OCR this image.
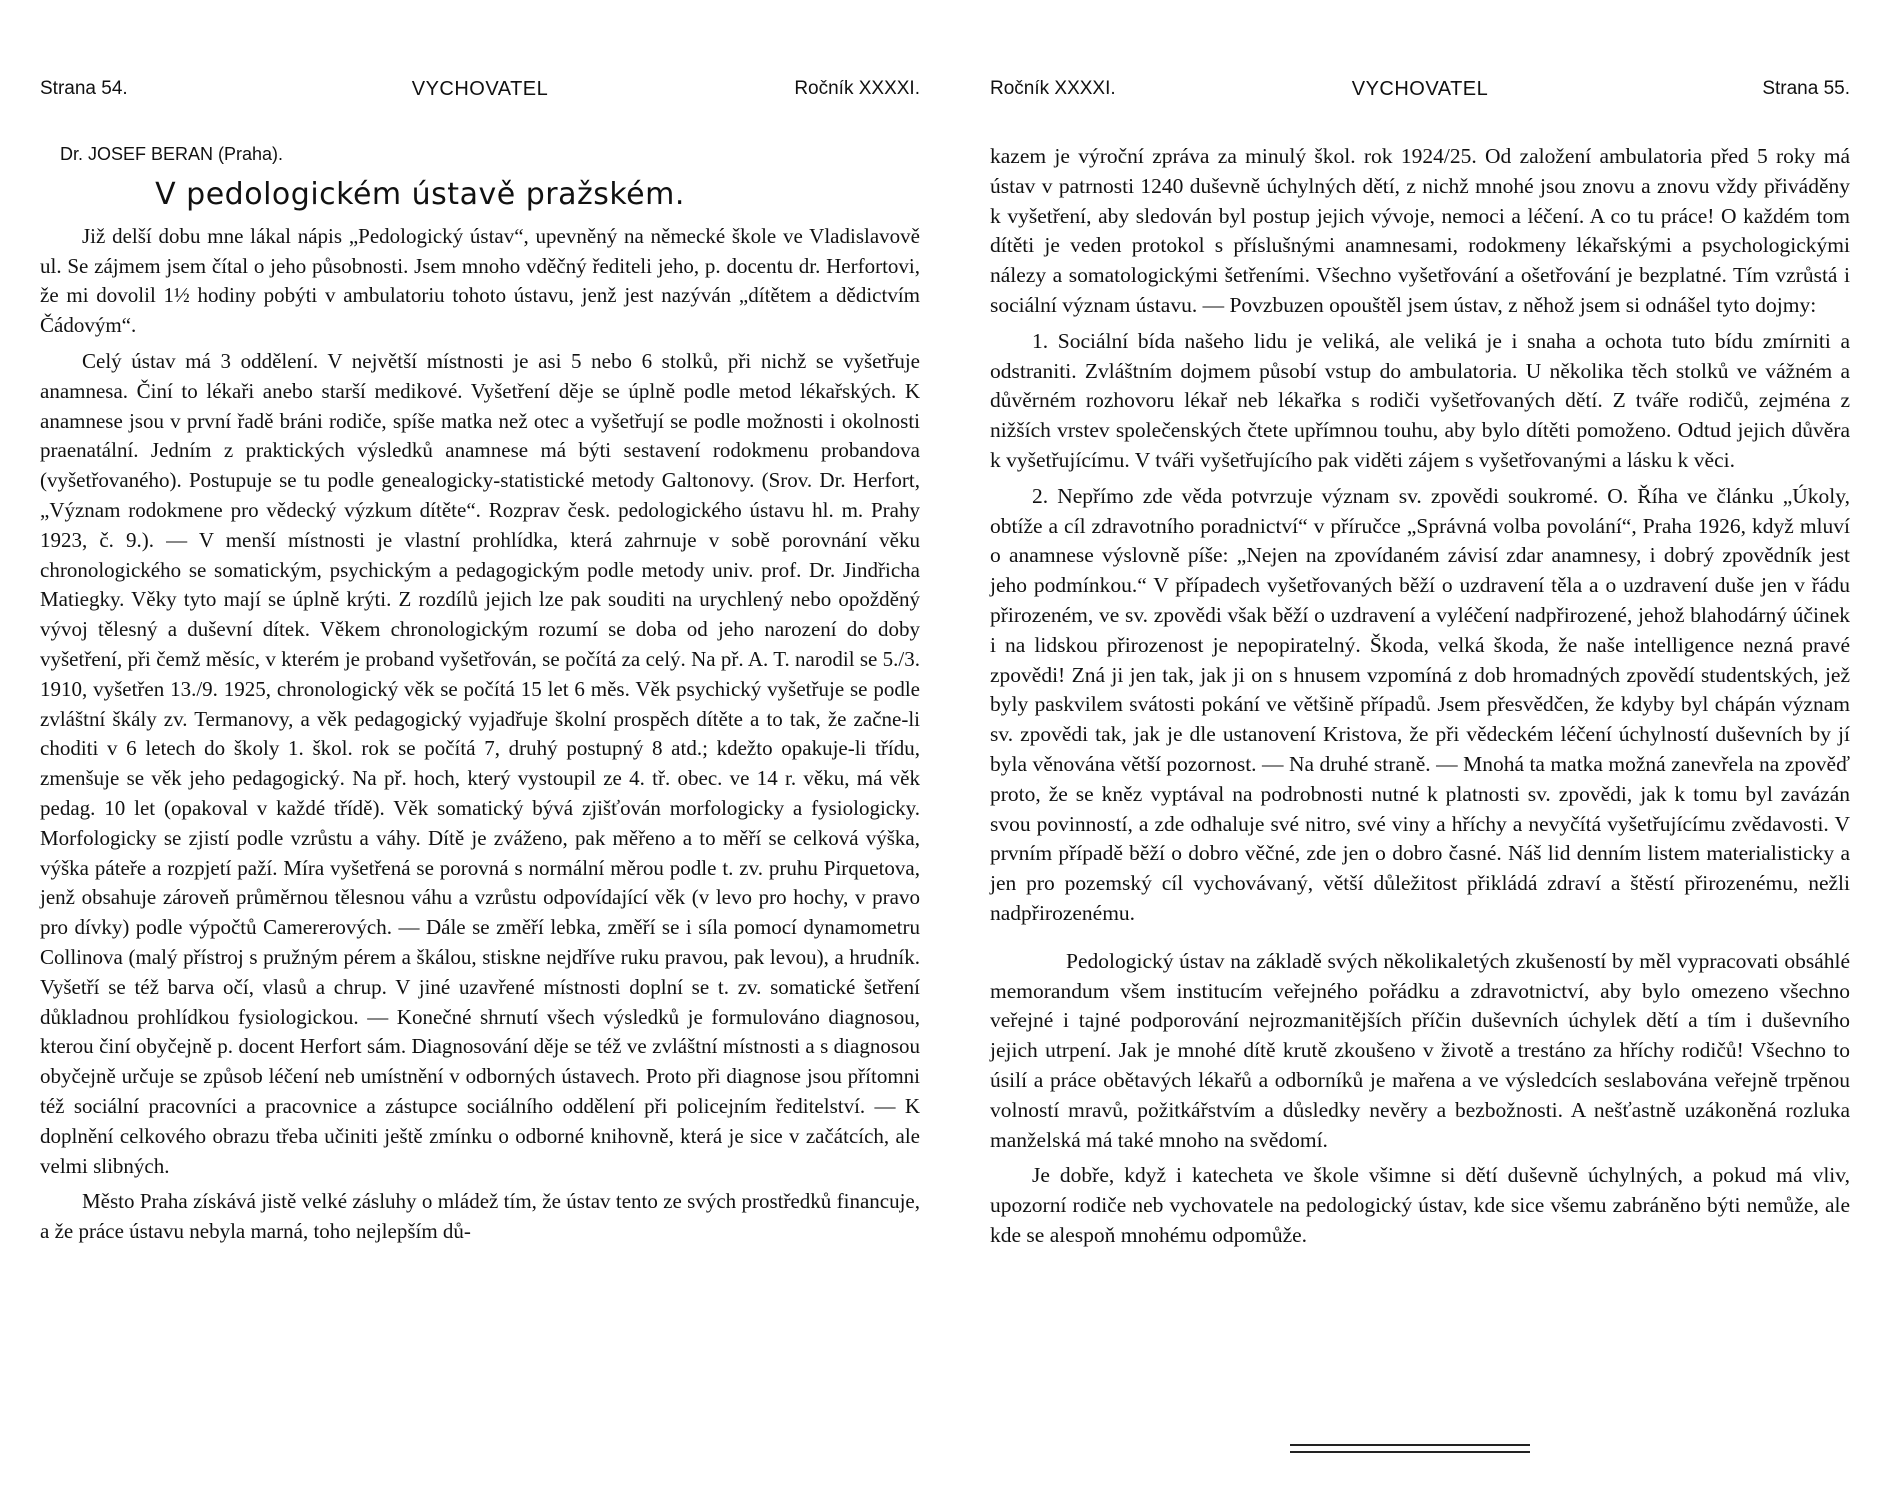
Strana 54.	VYCHOVATEL	Ročník XXXXI.

Dr. JOSEF BERAN (Praha).

V pedologickém ústavě pražském.

Již delší dobu mne lákal nápis „Pedologický ústav“, upevněný na německé škole ve Vladislavově ul. Se zájmem jsem čítal o jeho působnosti. Jsem mnoho vděčný řediteli jeho, p. docentu dr. Herfortovi, že mi dovolil 1½ hodiny pobýti v ambulatoriu tohoto ústavu, jenž jest nazýván „dítětem a dědictvím Čádovým“.

Celý ústav má 3 oddělení. V největší místnosti je asi 5 nebo 6 stolků, při nichž se vyšetřuje anamnesa. Činí to lékaři anebo starší medikové. Vyšetření děje se úplně podle metod lékařských. K anamnese jsou v první řadě bráni rodiče, spíše matka než otec a vyšetřují se podle možnosti i okolnosti praenatální. Jedním z praktických výsledků anamnese má býti sestavení rodokmenu probandova (vyšetřovaného). Postupuje se tu podle genealogicky-statistické metody Galtonovy. (Srov. Dr. Herfort, „Význam rodokmene pro vědecký výzkum dítěte“. Rozprav česk. pedologického ústavu hl. m. Prahy 1923, č. 9.). — V menší místnosti je vlastní prohlídka, která zahrnuje v sobě porovnání věku chronologického se somatickým, psychickým a pedagogickým podle metody univ. prof. Dr. Jindřicha Matiegky. Věky tyto mají se úplně krýti. Z rozdílů jejich lze pak souditi na urychlený nebo opožděný vývoj tělesný a duševní dítek. Věkem chronologickým rozumí se doba od jeho narození do doby vyšetření, při čemž měsíc, v kterém je proband vyšetřován, se počítá za celý. Na př. A. T. narodil se 5./3. 1910, vyšetřen 13./9. 1925, chronologický věk se počítá 15 let 6 měs. Věk psychický vyšetřuje se podle zvláštní škály zv. Termanovy, a věk pedagogický vyjadřuje školní prospěch dítěte a to tak, že začne-li choditi v 6 letech do školy 1. škol. rok se počítá 7, druhý postupný 8 atd.; kdežto opakuje-li třídu, zmenšuje se věk jeho pedagogický. Na př. hoch, který vystoupil ze 4. tř. obec. ve 14 r. věku, má věk pedag. 10 let (opakoval v každé třídě). Věk somatický bývá zjišťován morfologicky a fysiologicky. Morfologicky se zjistí podle vzrůstu a váhy. Dítě je zváženo, pak měřeno a to měří se celková výška, výška páteře a rozpjetí paží. Míra vyšetřená se porovná s normální měrou podle t. zv. pruhu Pirquetova, jenž obsahuje zároveň průměrnou tělesnou váhu a vzrůstu odpovídající věk (v levo pro hochy, v pravo pro dívky) podle výpočtů Camererových. — Dále se změří lebka, změří se i síla pomocí dynamometru Collinova (malý přístroj s pružným pérem a škálou, stiskne nejdříve ruku pravou, pak levou), a hrudník. Vyšetří se též barva očí, vlasů a chrup. V jiné uzavřené místnosti doplní se t. zv. somatické šetření důkladnou prohlídkou fysiologickou. — Konečné shrnutí všech výsledků je formulováno diagnosou, kterou činí obyčejně p. docent Herfort sám. Diagnosování děje se též ve zvláštní místnosti a s diagnosou obyčejně určuje se způsob léčení neb umístnění v odborných ústavech. Proto při diagnose jsou přítomni též sociální pracovníci a pracovnice a zástupce sociálního oddělení při policejním ředitelství. — K doplnění celkového obrazu třeba učiniti ještě zmínku o odborné knihovně, která je sice v začátcích, ale velmi slibných.

Město Praha získává jistě velké zásluhy o mládež tím, že ústav tento ze svých prostředků financuje, a že práce ústavu nebyla marná, toho nejlepším dů-

Ročník XXXXI.	VYCHOVATEL	Strana 55.

kazem je výroční zpráva za minulý škol. rok 1924/25. Od založení ambulatoria před 5 roky má ústav v patrnosti 1240 duševně úchylných dětí, z nichž mnohé jsou znovu a znovu vždy přiváděny k vyšetření, aby sledován byl postup jejich vývoje, nemoci a léčení. A co tu práce! O každém tom dítěti je veden protokol s příslušnými anamnesami, rodokmeny lékařskými a psychologickými nálezy a somatologickými šetřeními. Všechno vyšetřování a ošetřování je bezplatné. Tím vzrůstá i sociální význam ústavu. — Povzbuzen opouštěl jsem ústav, z něhož jsem si odnášel tyto dojmy:

1. Sociální bída našeho lidu je veliká, ale veliká je i snaha a ochota tuto bídu zmírniti a odstraniti. Zvláštním dojmem působí vstup do ambulatoria. U několika těch stolků ve vážném a důvěrném rozhovoru lékař neb lékařka s rodiči vyšetřovaných dětí. Z tváře rodičů, zejména z nižších vrstev společenských čtete upřímnou touhu, aby bylo dítěti pomoženo. Odtud jejich důvěra k vyšetřujícímu. V tváři vyšetřujícího pak viděti zájem s vyšetřovanými a lásku k věci.

2. Nepřímo zde věda potvrzuje význam sv. zpovědi soukromé. O. Říha ve článku „Úkoly, obtíže a cíl zdravotního poradnictví“ v příručce „Správná volba povolání“, Praha 1926, když mluví o anamnese výslovně píše: „Nejen na zpovídaném závisí zdar anamnesy, i dobrý zpovědník jest jeho podmínkou.“ V případech vyšetřovaných běží o uzdravení těla a o uzdravení duše jen v řádu přirozeném, ve sv. zpovědi však běží o uzdravení a vyléčení nadpřirozené, jehož blahodárný účinek i na lidskou přirozenost je nepopiratelný. Škoda, velká škoda, že naše intelligence nezná pravé zpovědi! Zná ji jen tak, jak ji on s hnusem vzpomíná z dob hromadných zpovědí studentských, jež byly paskvilem svátosti pokání ve většině případů. Jsem přesvědčen, že kdyby byl chápán význam sv. zpovědi tak, jak je dle ustanovení Kristova, že při vědeckém léčení úchylností duševních by jí byla věnována větší pozornost. — Na druhé straně. — Mnohá ta matka možná zanevřela na zpověď proto, že se kněz vyptával na podrobnosti nutné k platnosti sv. zpovědi, jak k tomu byl zavázán svou povinností, a zde odhaluje své nitro, své viny a hříchy a nevyčítá vyšetřujícímu zvědavosti. V prvním případě běží o dobro věčné, zde jen o dobro časné. Náš lid denním listem materialisticky a jen pro pozemský cíl vychovávaný, větší důležitost přikládá zdraví a štěstí přirozenému, nežli nadpřirozenému.

Pedologický ústav na základě svých několikaletých zkušeností by měl vypracovati obsáhlé memorandum všem institucím veřejného pořádku a zdravotnictví, aby bylo omezeno všechno veřejné i tajné podporování nejrozmanitějších příčin duševních úchylek dětí a tím i duševního jejich utrpení. Jak je mnohé dítě krutě zkoušeno v životě a trestáno za hříchy rodičů! Všechno to úsilí a práce obětavých lékařů a odborníků je mařena a ve výsledcích seslabována veřejně trpěnou volností mravů, požitkářstvím a důsledky nevěry a bezbožnosti. A nešťastně uzákoněná rozluka manželská má také mnoho na svědomí.

Je dobře, když i katecheta ve škole všimne si dětí duševně úchylných, a pokud má vliv, upozorní rodiče neb vychovatele na pedologický ústav, kde sice všemu zabráněno býti nemůže, ale kde se alespoň mnohému odpomůže.
